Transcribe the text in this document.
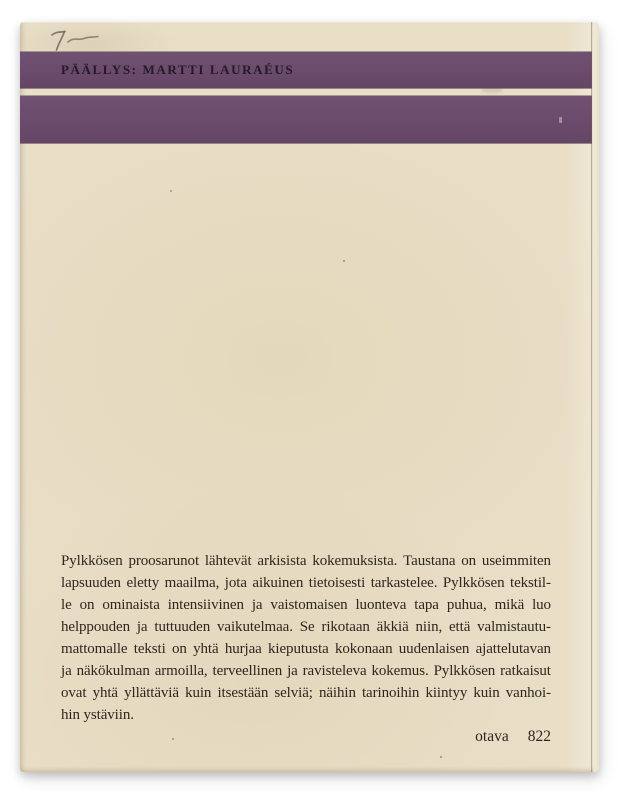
PÄÄLLYS: MARTTI LAURAÉUS
Pylkkösen proosarunot lähtevät arkisista kokemuksista. Taustana on useimmiten
lapsuuden eletty maailma, jota aikuinen tietoisesti tarkastelee. Pylkkösen tekstil-
le on ominaista intensiivinen ja vaistomaisen luonteva tapa puhua, mikä luo
helppouden ja tuttuuden vaikutelmaa. Se rikotaan äkkiä niin, että valmistautu-
mattomalle teksti on yhtä hurjaa kieputusta kokonaan uudenlaisen ajattelutavan
ja näkökulman armoilla, terveellinen ja ravisteleva kokemus. Pylkkösen ratkaisut
ovat yhtä yllättäviä kuin itsestään selviä; näihin tarinoihin kiintyy kuin vanhoi-
hin ystäviin.
otava 822
